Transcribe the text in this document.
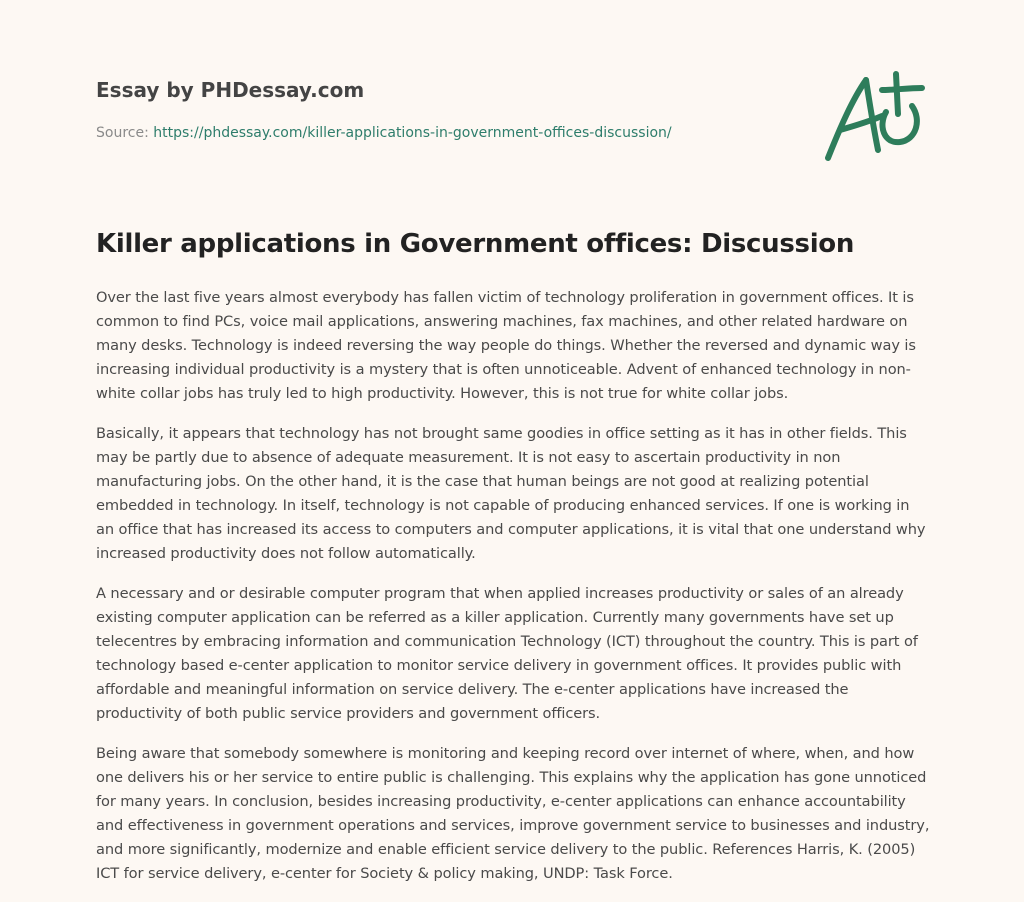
Essay by PHDessay.com
Source: https://phdessay.com/killer-applications-in-government-offices-discussion/
Killer applications in Government offices: Discussion

Over the last five years almost everybody has fallen victim of technology proliferation in government offices. It is common to find PCs, voice mail applications, answering machines, fax machines, and other related hardware on many desks. Technology is indeed reversing the way people do things. Whether the reversed and dynamic way is increasing individual productivity is a mystery that is often unnoticeable. Advent of enhanced technology in non-white collar jobs has truly led to high productivity. However, this is not true for white collar jobs.

Basically, it appears that technology has not brought same goodies in office setting as it has in other fields. This may be partly due to absence of adequate measurement. It is not easy to ascertain productivity in non manufacturing jobs. On the other hand, it is the case that human beings are not good at realizing potential embedded in technology. In itself, technology is not capable of producing enhanced services. If one is working in an office that has increased its access to computers and computer applications, it is vital that one understand why increased productivity does not follow automatically.

A necessary and or desirable computer program that when applied increases productivity or sales of an already existing computer application can be referred as a killer application. Currently many governments have set up telecentres by embracing information and communication Technology (ICT) throughout the country. This is part of technology based e-center application to monitor service delivery in government offices. It provides public with affordable and meaningful information on service delivery. The e-center applications have increased the productivity of both public service providers and government officers.

Being aware that somebody somewhere is monitoring and keeping record over internet of where, when, and how one delivers his or her service to entire public is challenging. This explains why the application has gone unnoticed for many years. In conclusion, besides increasing productivity, e-center applications can enhance accountability and effectiveness in government operations and services, improve government service to businesses and industry, and more significantly, modernize and enable efficient service delivery to the public. References Harris, K. (2005) ICT for service delivery, e-center for Society & policy making, UNDP: Task Force.
